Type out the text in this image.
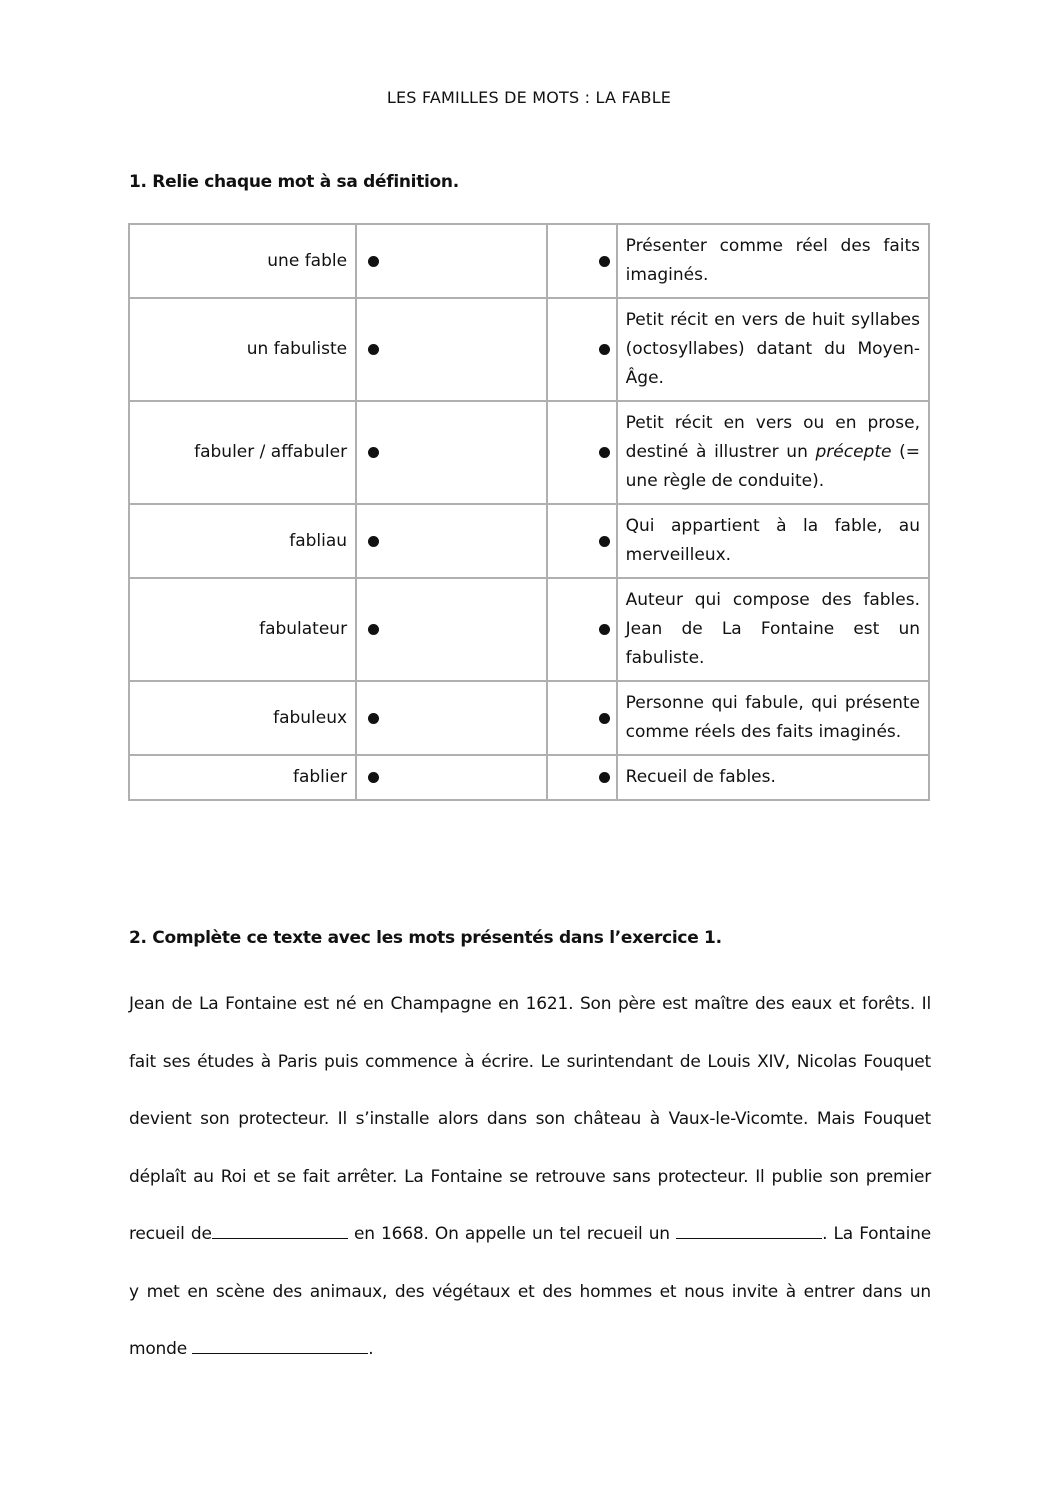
LES FAMILLES DE MOTS : LA FABLE
1. Relie chaque mot à sa définition.
une fable			Présenter comme réel des faits imaginés.
un fabuliste			Petit récit en vers de huit syllabes (octosyllabes) datant du Moyen-Âge.
fabuler / affabuler			Petit récit en vers ou en prose, destiné à illustrer un précepte (= une règle de conduite).
fabliau			Qui appartient à la fable, au merveilleux.
fabulateur			Auteur qui compose des fables. Jean de La Fontaine est un fabuliste.
fabuleux			Personne qui fabule, qui présente comme réels des faits imaginés.
fablier			Recueil de fables.
2. Complète ce texte avec les mots présentés dans l’exercice 1.
Jean de La Fontaine est né en Champagne en 1621. Son père est maître des eaux et forêts. Il fait ses études à Paris puis commence à écrire. Le surintendant de Louis XIV, Nicolas Fouquet devient son protecteur. Il s’installe alors dans son château à Vaux-le-Vicomte. Mais Fouquet déplaît au Roi et se fait arrêter. La Fontaine se retrouve sans protecteur. Il publie son premier recueil de	en 1668. On appelle un tel recueil un	. La Fontaine y met en scène des animaux, des végétaux et des hommes et nous invite à entrer dans un monde	.
